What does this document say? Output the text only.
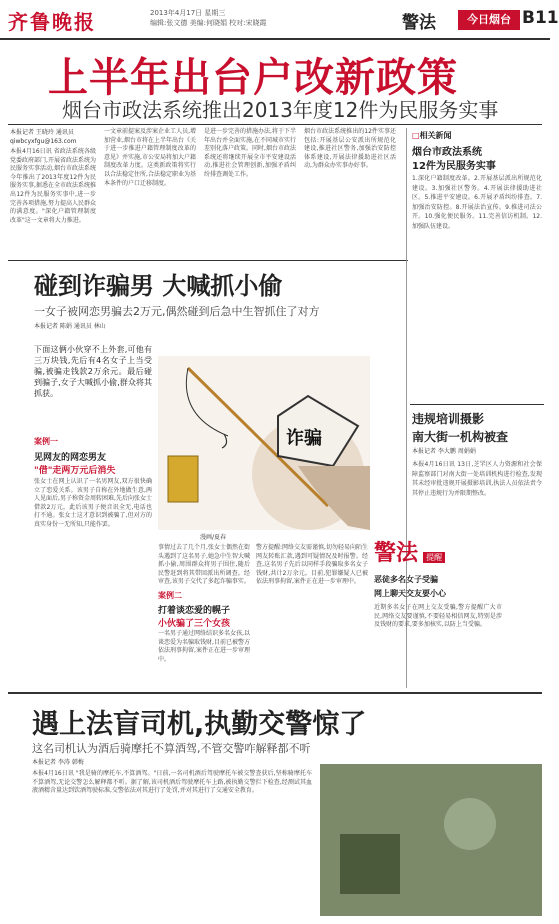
齐鲁晚报	2013年4月17日 星期三
编辑:张文德 美编:何晓娟 校对:宋晓霞	警法	今日烟台 B11
上半年出台户改新政策
烟台市政法系统推出2013年度12件为民服务实事
本报记者 王晓玲 通讯员
qiwbcyxfgu@163.com
本报4月16日讯 省政法系统各级党委政府部门,开展省政法系统为民服务实事活动,烟台市政法系统今年推出了2013年度12件为民服务实事,据悉在全市政法系统推出12件为民服务实事中,进一步完善各项措施,努力提高人民群众的满意度。"深化户籍管理制度改革"这一文章将大力推进。
一文章前提案及涉案企业工人员,增加营业,烟台市将在上半年出台《关于进一步推进户籍管理制度改革的意见》并实施,市公安局将加大户籍制度改革力度。这类新政策将实行以合法稳定住所,合法稳定职业为基本条件的户口迁移制度。
是进一步完善的措施办法,将于下半年出台并全面实施,在不同城市实行差别化落户政策。同时,烟台市政法系统还将继续开展全市平安建设活动,推进社会管理创新,加强矛盾纠纷排查调处工作。
烟台市政法系统推出的12件实事还包括:开展基层公安派出所规范化建设,推进社区警务,加强治安防控体系建设,开展法律援助进社区活动,为群众办实事办好事。
□相关新闻
烟台市政法系统
12件为民服务实事
1.深化户籍制度改革。2.开展基层派出所规范化建设。3.加强社区警务。4.开展法律援助进社区。5.推进平安建设。6.开展矛盾纠纷排查。7.加强治安防控。8.开展法治宣传。9.推进司法公开。10.强化便民服务。11.完善信访机制。12.加强队伍建设。
碰到诈骗男 大喊抓小偷
一女子被网恋男骗去2万元,偶然碰到后急中生智抓住了对方
本报记者 陈娟 通讯员 林山
下面这俩小伙穿不上外套,可他有三万块钱,先后有4名女子上当受骗,被骗走钱款2万余元。最后碰到骗子,女子大喊抓小偷,群众将其抓获。
案例一
见网友的网恋男友
"借"走两万元后消失
张女士在网上认识了一名男网友,双方很快确立了恋爱关系。该男子自称在外地做生意,两人见面后,男子称资金周转困难,先后向张女士借款2万元。此后该男子便音讯全无,电话也打不通。张女士这才意识到被骗了,但对方的真实身份一无所知,只能作罢。
诈骗
漫画/夏春
事情过去了几个月,张女士偶然在街头遇到了这名男子,她急中生智大喊抓小偷,周围群众将男子围住,随后民警赶到将其带回派出所调查。经审查,该男子交代了多起诈骗事实。
案例二
打着谈恋爱的幌子
小伙骗了三个女孩
一名男子通过网络结识多名女孩,以谈恋爱为名骗取钱财,目前已被警方依法刑事拘留,案件正在进一步审理中。
警方提醒:网络交友需谨慎,切勿轻易向陌生网友转账汇款,遇到可疑情况及时报警。经查,这名男子先后以同样手段骗取多名女子钱财,共计2万余元。目前,犯罪嫌疑人已被依法刑事拘留,案件正在进一步审理中。
警法 提醒
恶徒多名女子受骗
网上聊天交友要小心
近期多名女子在网上交友受骗,警方提醒广大市民,网络交友要谨慎,不要轻易相信网友,特别是涉及钱财的要求,要多加核实,以防上当受骗。
违规培训摄影
南大街一机构被查
本报记者 李大鹏 周娟娟
本报4月16日讯 13日,芝罘区人力资源和社会保障监察部门对南大街一处培训机构进行检查,发现其未经审批违规开展摄影培训,执法人员依法责令其停止违规行为并限期整改。
遇上法盲司机,执勤交警惊了
这名司机认为酒后骑摩托不算酒驾,不管交警咋解释都不听
本报记者 李涛 韩梅
本报4月16日讯 "我是骑的摩托车,不算酒驾。"日前,一名司机酒后驾驶摩托车被交警查获后,坚称骑摩托车不算酒驾,无论交警怎么解释都不听。据了解,该司机酒后驾驶摩托车上路,被执勤交警拦下检查,经测试其血液酒精含量达到饮酒驾驶标准,交警依法对其进行了处罚,并对其进行了交通安全教育。
